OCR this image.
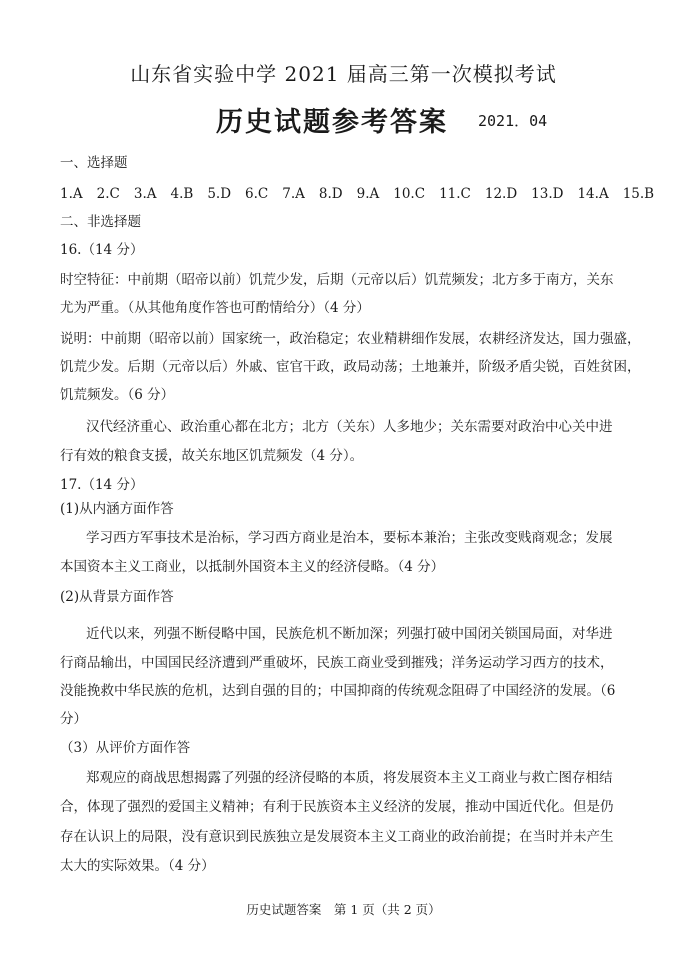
山东省实验中学 2021 届高三第一次模拟考试
历史试题参考答案 2021．04
一、选择题
1.A 2.C 3.A 4.B 5.D 6.C 7.A 8.D 9.A 10.C 11.C 12.D 13.D 14.A 15.B
二、非选择题
16.（14 分）
时空特征：中前期（昭帝以前）饥荒少发，后期（元帝以后）饥荒频发；北方多于南方，关东
尤为严重。（从其他角度作答也可酌情给分）（4 分）
说明：中前期（昭帝以前）国家统一，政治稳定；农业精耕细作发展，农耕经济发达，国力强盛，
饥荒少发。后期（元帝以后）外戚、宦官干政，政局动荡；土地兼并，阶级矛盾尖锐，百姓贫困，
饥荒频发。（6 分）
汉代经济重心、政治重心都在北方；北方（关东）人多地少；关东需要对政治中心关中进
行有效的粮食支援，故关东地区饥荒频发（4 分）。
17.（14 分）
(1)从内涵方面作答
学习西方军事技术是治标，学习西方商业是治本，要标本兼治；主张改变贱商观念；发展
本国资本主义工商业，以抵制外国资本主义的经济侵略。（4 分）
(2)从背景方面作答
近代以来，列强不断侵略中国，民族危机不断加深；列强打破中国闭关锁国局面，对华进
行商品输出，中国国民经济遭到严重破坏，民族工商业受到摧残；洋务运动学习西方的技术，
没能挽救中华民族的危机，达到自强的目的；中国抑商的传统观念阻碍了中国经济的发展。（6
分）
（3）从评价方面作答
郑观应的商战思想揭露了列强的经济侵略的本质，将发展资本主义工商业与救亡图存相结
合，体现了强烈的爱国主义精神；有利于民族资本主义经济的发展，推动中国近代化。但是仍
存在认识上的局限，没有意识到民族独立是发展资本主义工商业的政治前提；在当时并未产生
太大的实际效果。（4 分）
历史试题答案　第 1 页（共 2 页）
